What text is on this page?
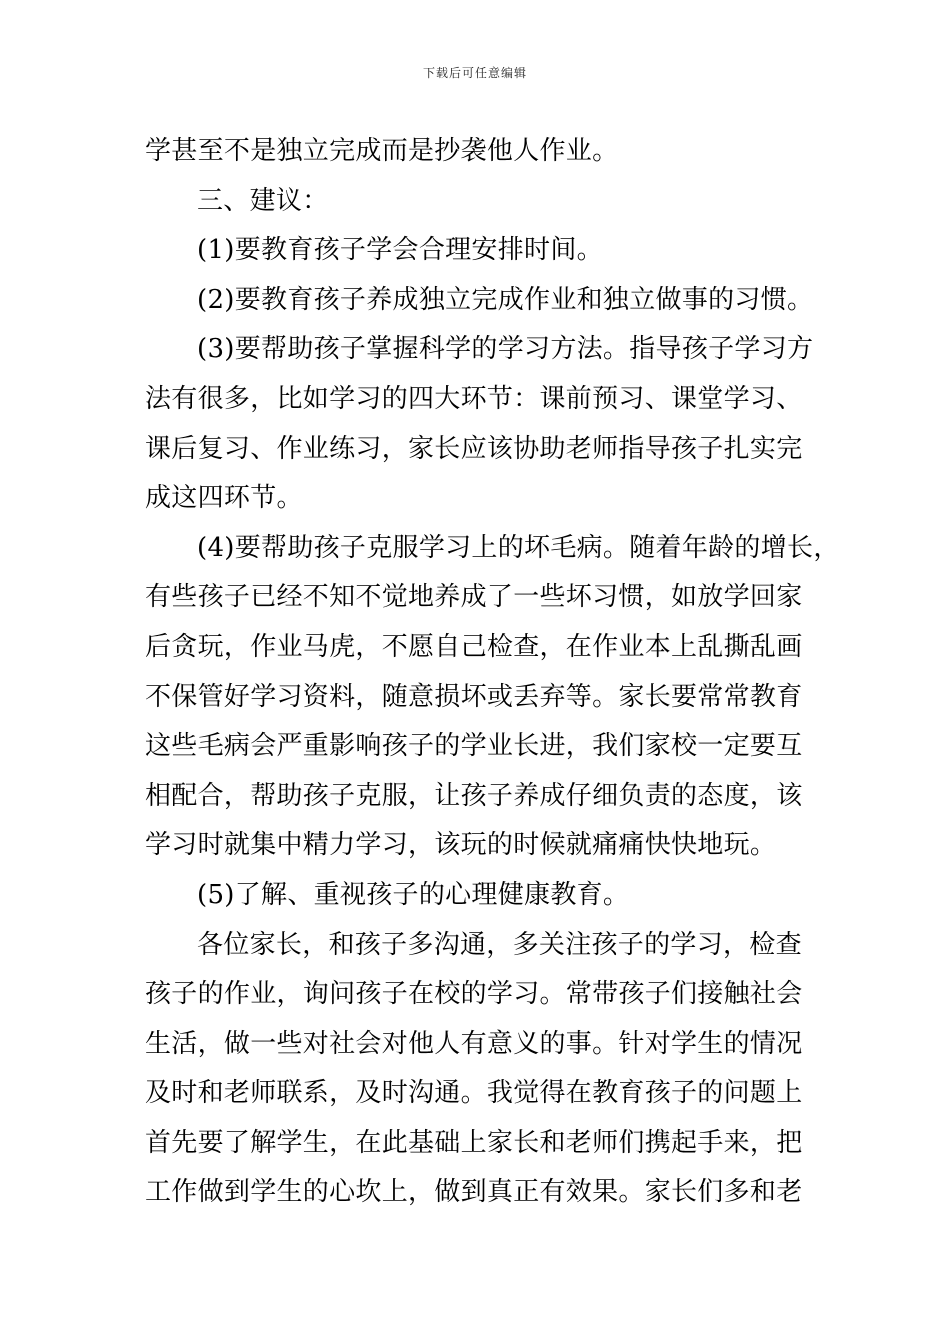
下载后可任意编辑
学甚至不是独立完成而是抄袭他人作业。
三、建议：
(1)要教育孩子学会合理安排时间。
(2)要教育孩子养成独立完成作业和独立做事的习惯。
(3)要帮助孩子掌握科学的学习方法。指导孩子学习方
法有很多，比如学习的四大环节：课前预习、课堂学习、
课后复习、作业练习，家长应该协助老师指导孩子扎实完
成这四环节。
(4)要帮助孩子克服学习上的坏毛病。随着年龄的增长，
有些孩子已经不知不觉地养成了一些坏习惯，如放学回家
后贪玩，作业马虎，不愿自己检查，在作业本上乱撕乱画
不保管好学习资料，随意损坏或丢弃等。家长要常常教育
这些毛病会严重影响孩子的学业长进，我们家校一定要互
相配合，帮助孩子克服，让孩子养成仔细负责的态度，该
学习时就集中精力学习，该玩的时候就痛痛快快地玩。
(5)了解、重视孩子的心理健康教育。
各位家长，和孩子多沟通，多关注孩子的学习，检查
孩子的作业，询问孩子在校的学习。常带孩子们接触社会
生活，做一些对社会对他人有意义的事。针对学生的情况
及时和老师联系，及时沟通。我觉得在教育孩子的问题上
首先要了解学生，在此基础上家长和老师们携起手来，把
工作做到学生的心坎上，做到真正有效果。家长们多和老
